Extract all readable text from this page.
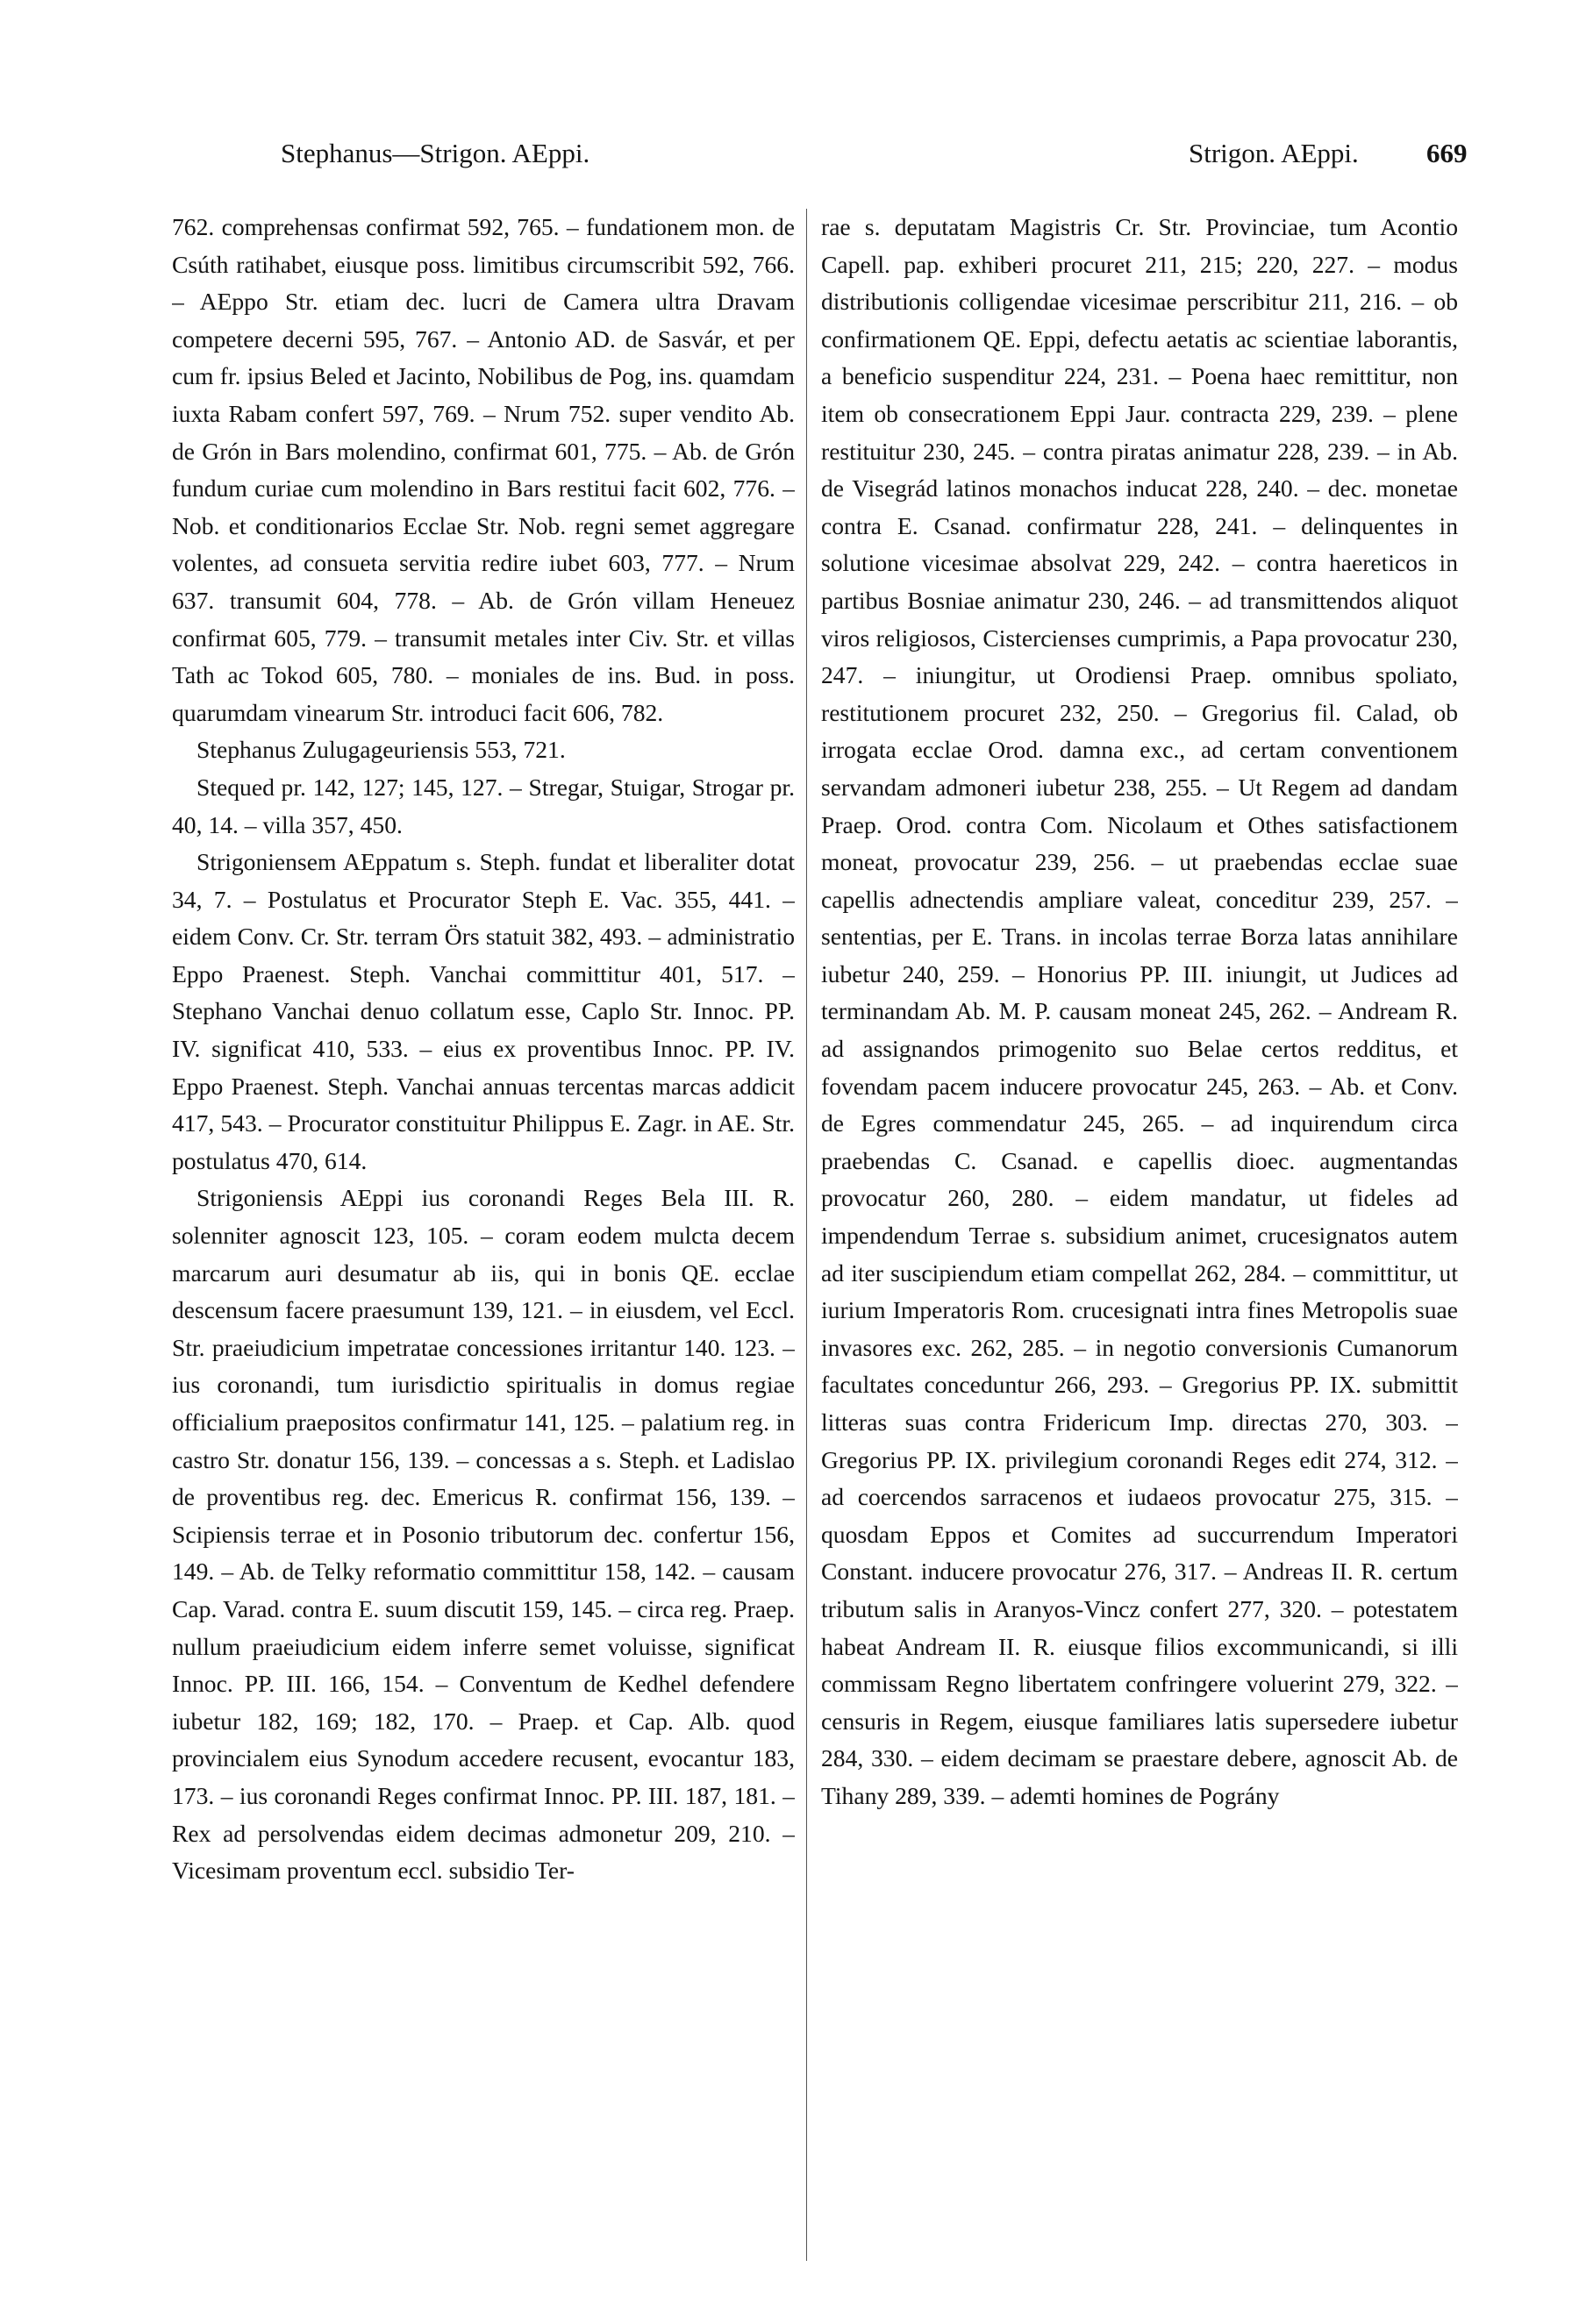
Stephanus—Strigon. AEppi.	Strigon. AEppi. 669

762. comprehensas confirmat 592, 765. – fundationem mon. de Csúth ratihabet, eiusque poss. limitibus circumscribit 592, 766. – AEppo Str. etiam dec. lucri de Camera ultra Dravam competere decerni 595, 767. – Antonio AD. de Sasvár, et per cum fr. ipsius Beled et Jacinto, Nobilibus de Pog, ins. quamdam iuxta Rabam confert 597, 769. – Nrum 752. super vendito Ab. de Grón in Bars molendino, confirmat 601, 775. – Ab. de Grón fundum curiae cum molendino in Bars restitui facit 602, 776. – Nob. et conditionarios Ecclae Str. Nob. regni semet aggregare volentes, ad consueta servitia redire iubet 603, 777. – Nrum 637. transumit 604, 778. – Ab. de Grón villam Heneuez confirmat 605, 779. – transumit metales inter Civ. Str. et villas Tath ac Tokod 605, 780. – moniales de ins. Bud. in poss. quarumdam vinearum Str. introduci facit 606, 782.

Stephanus Zulugageuriensis 553, 721.

Stequed pr. 142, 127; 145, 127. – Stregar, Stuigar, Strogar pr. 40, 14. – villa 357, 450.

Strigoniensem AEppatum s. Steph. fundat et liberaliter dotat 34, 7. – Postulatus et Procurator Steph E. Vac. 355, 441. – eidem Conv. Cr. Str. terram Örs statuit 382, 493. – administratio Eppo Praenest. Steph. Vanchai committitur 401, 517. – Stephano Vanchai denuo collatum esse, Caplo Str. Innoc. PP. IV. significat 410, 533. – eius ex proventibus Innoc. PP. IV. Eppo Praenest. Steph. Vanchai annuas tercentas marcas addicit 417, 543. – Procurator constituitur Philippus E. Zagr. in AE. Str. postulatus 470, 614.

Strigoniensis AEppi ius coronandi Reges Bela III. R. solenniter agnoscit 123, 105. – coram eodem mulcta decem marcarum auri desumatur ab iis, qui in bonis QE. ecclae descensum facere praesumunt 139, 121. – in eiusdem, vel Eccl. Str. praeiudicium impetratae concessiones irritantur 140. 123. – ius coronandi, tum iurisdictio spiritualis in domus regiae officialium praepositos confirmatur 141, 125. – palatium reg. in castro Str. donatur 156, 139. – concessas a s. Steph. et Ladislao de proventibus reg. dec. Emericus R. confirmat 156, 139. – Scipiensis terrae et in Posonio tributorum dec. confertur 156, 149. – Ab. de Telky reformatio committitur 158, 142. – causam Cap. Varad. contra E. suum discutit 159, 145. – circa reg. Praep. nullum praeiudicium eidem inferre semet voluisse, significat Innoc. PP. III. 166, 154. – Conventum de Kedhel defendere iubetur 182, 169; 182, 170. – Praep. et Cap. Alb. quod provincialem eius Synodum accedere recusent, evocantur 183, 173. – ius coronandi Reges confirmat Innoc. PP. III. 187, 181. – Rex ad persolvendas eidem decimas admonetur 209, 210. – Vicesimam proventum eccl. subsidio Ter-

rae s. deputatam Magistris Cr. Str. Provinciae, tum Acontio Capell. pap. exhiberi procuret 211, 215; 220, 227. – modus distributionis colligendae vicesimae perscribitur 211, 216. – ob confirmationem QE. Eppi, defectu aetatis ac scientiae laborantis, a beneficio suspenditur 224, 231. – Poena haec remittitur, non item ob consecrationem Eppi Jaur. contracta 229, 239. – plene restituitur 230, 245. – contra piratas animatur 228, 239. – in Ab. de Visegrád latinos monachos inducat 228, 240. – dec. monetae contra E. Csanad. confirmatur 228, 241. – delinquentes in solutione vicesimae absolvat 229, 242. – contra haereticos in partibus Bosniae animatur 230, 246. – ad transmittendos aliquot viros religiosos, Cistercienses cumprimis, a Papa provocatur 230, 247. – iniungitur, ut Orodiensi Praep. omnibus spoliato, restitutionem procuret 232, 250. – Gregorius fil. Calad, ob irrogata ecclae Orod. damna exc., ad certam conventionem servandam admoneri iubetur 238, 255. – Ut Regem ad dandam Praep. Orod. contra Com. Nicolaum et Othes satisfactionem moneat, provocatur 239, 256. – ut praebendas ecclae suae capellis adnectendis ampliare valeat, conceditur 239, 257. – sententias, per E. Trans. in incolas terrae Borza latas annihilare iubetur 240, 259. – Honorius PP. III. iniungit, ut Judices ad terminandam Ab. M. P. causam moneat 245, 262. – Andream R. ad assignandos primogenito suo Belae certos redditus, et fovendam pacem inducere provocatur 245, 263. – Ab. et Conv. de Egres commendatur 245, 265. – ad inquirendum circa praebendas C. Csanad. e capellis dioec. augmentandas provocatur 260, 280. – eidem mandatur, ut fideles ad impendendum Terrae s. subsidium animet, crucesignatos autem ad iter suscipiendum etiam compellat 262, 284. – committitur, ut iurium Imperatoris Rom. crucesignati intra fines Metropolis suae invasores exc. 262, 285. – in negotio conversionis Cumanorum facultates conceduntur 266, 293. – Gregorius PP. IX. submittit litteras suas contra Fridericum Imp. directas 270, 303. – Gregorius PP. IX. privilegium coronandi Reges edit 274, 312. – ad coercendos sarracenos et iudaeos provocatur 275, 315. – quosdam Eppos et Comites ad succurrendum Imperatori Constant. inducere provocatur 276, 317. – Andreas II. R. certum tributum salis in Aranyos-Vincz confert 277, 320. – potestatem habeat Andream II. R. eiusque filios excommunicandi, si illi commissam Regno libertatem confringere voluerint 279, 322. – censuris in Regem, eiusque familiares latis supersedere iubetur 284, 330. – eidem decimam se praestare debere, agnoscit Ab. de Tihany 289, 339. – ademti homines de Pográny
